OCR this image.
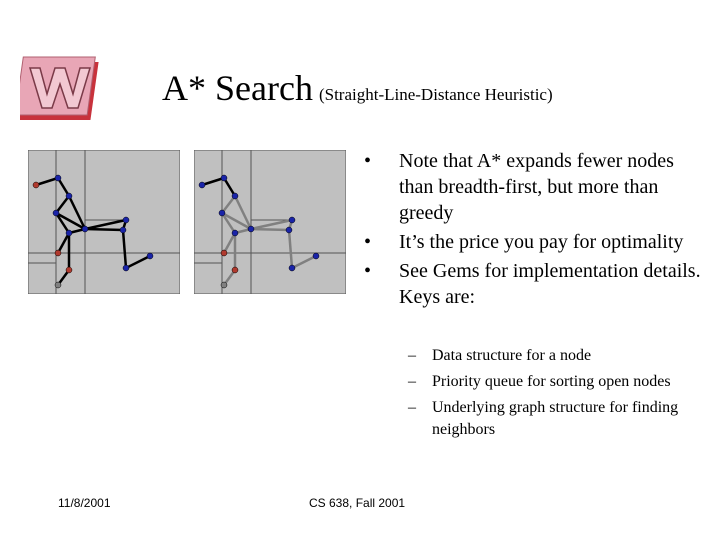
A* Search (Straight-Line-Distance Heuristic)
• Note that A* expands fewer nodes than breadth-first, but more than greedy
• It’s the price you pay for optimality
• See Gems for implementation details. Keys are:
– Data structure for a node
– Priority queue for sorting open nodes
– Underlying graph structure for finding neighbors
11/8/2001	CS 638, Fall 2001
